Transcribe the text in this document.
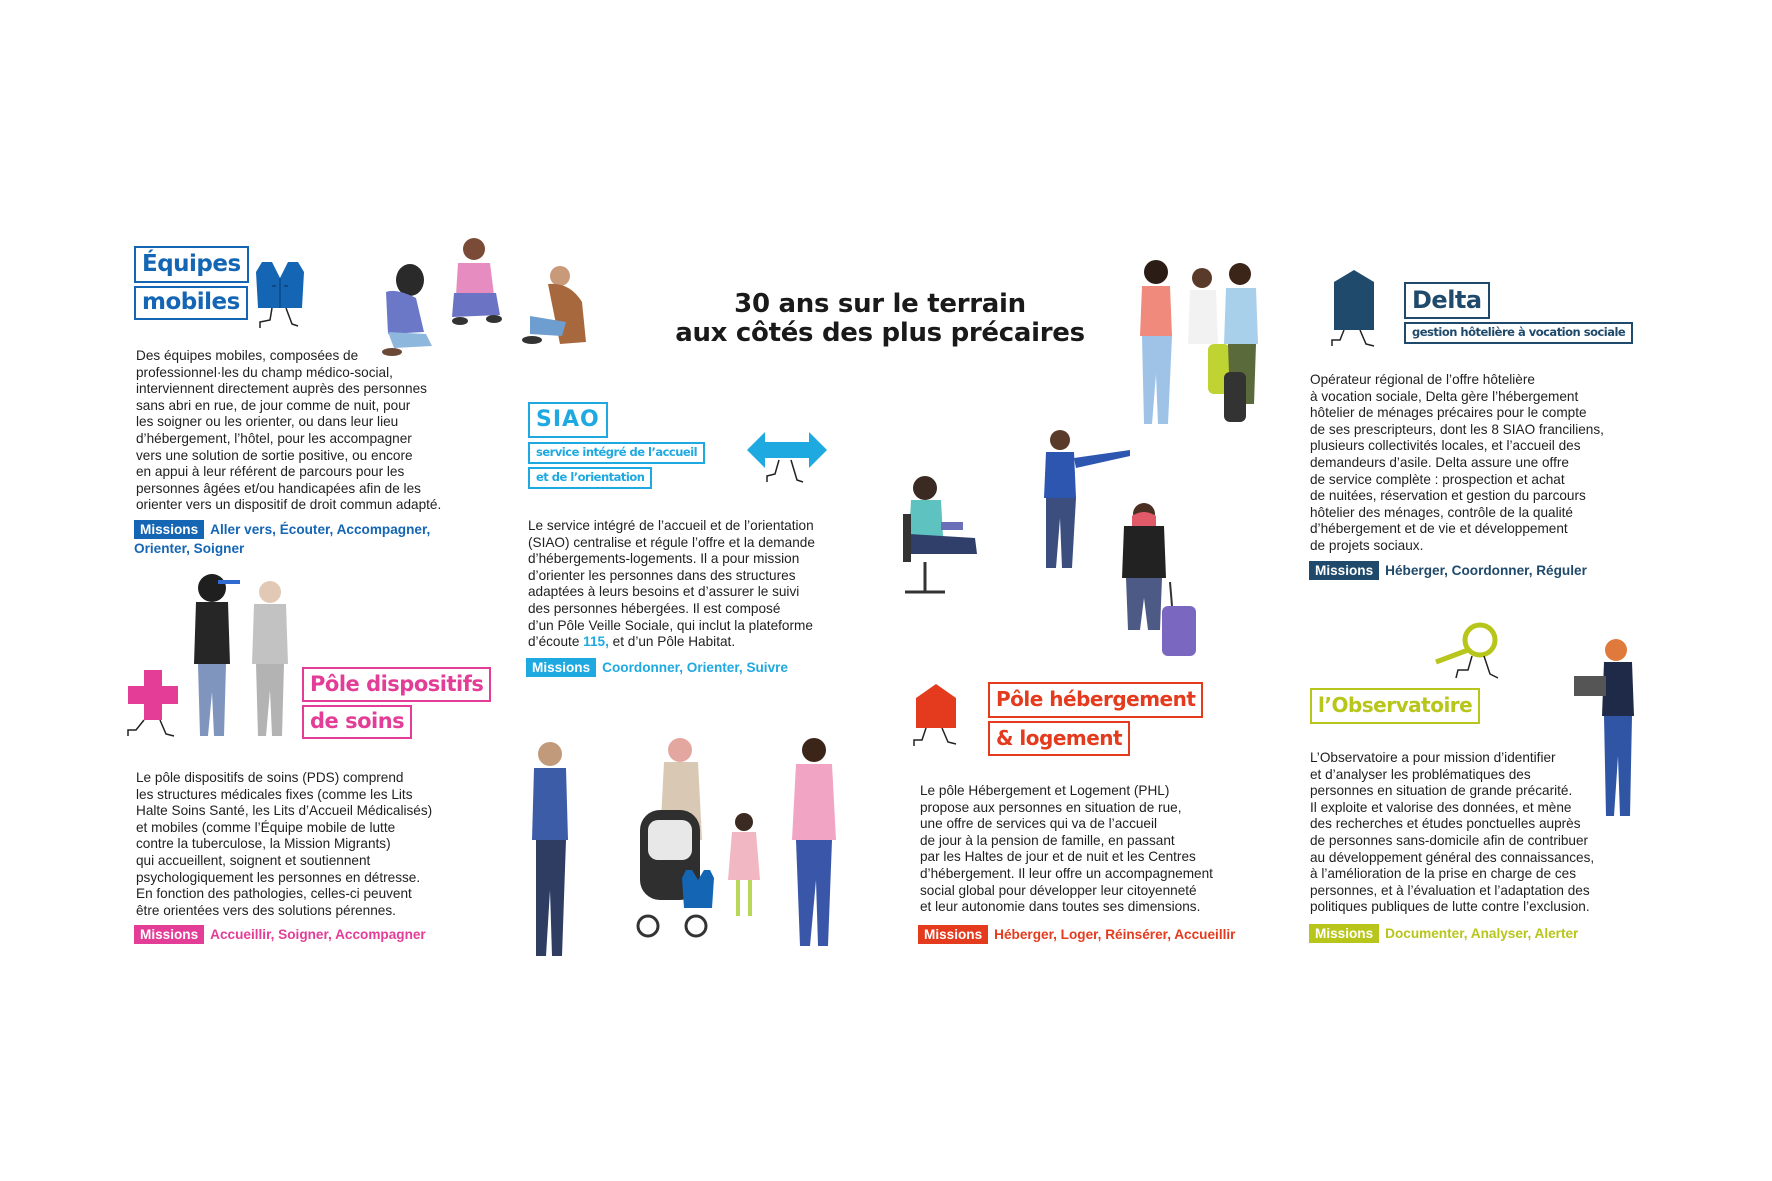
30 ans sur le terrain
aux côtés des plus précaires
Équipes
mobiles

Des équipes mobiles, composées de

professionnel·les du champ médico-social,

interviennent directement auprès des personnes

sans abri en rue, de jour comme de nuit, pour

les soigner ou les orienter, ou dans leur lieu

d’hébergement, l’hôtel, pour les accompagner

vers une solution de sortie positive, ou encore

en appui à leur référent de parcours pour les

personnes âgées et/ou handicapées afin de les

orienter vers un dispositif de droit commun adapté.

Missions Aller vers, Écouter, Accompagner,
Orienter, Soigner
SIAO
service intégré de l’accueil
et de l’orientation

Le service intégré de l’accueil et de l’orientation

(SIAO) centralise et régule l’offre et la demande

d’hébergements-logements. Il a pour mission

d’orienter les personnes dans des structures

adaptées à leurs besoins et d’assurer le suivi

des personnes hébergées. Il est composé

d’un Pôle Veille Sociale, qui inclut la plateforme

d’écoute 115, et d’un Pôle Habitat.

Missions Coordonner, Orienter, Suivre
Delta
gestion hôtelière à vocation sociale

Opérateur régional de l’offre hôtelière

à vocation sociale, Delta gère l’hébergement

hôtelier de ménages précaires pour le compte

de ses prescripteurs, dont les 8 SIAO franciliens,

plusieurs collectivités locales, et l’accueil des

demandeurs d’asile. Delta assure une offre

de service complète : prospection et achat

de nuitées, réservation et gestion du parcours

hôtelier des ménages, contrôle de la qualité

d’hébergement et de vie et développement

de projets sociaux.

Missions Héberger, Coordonner, Réguler
Pôle dispositifs
de soins

Le pôle dispositifs de soins (PDS) comprend

les structures médicales fixes (comme les Lits

Halte Soins Santé, les Lits d’Accueil Médicalisés)

et mobiles (comme l’Équipe mobile de lutte

contre la tuberculose, la Mission Migrants)

qui accueillent, soignent et soutiennent

psychologiquement les personnes en détresse.

En fonction des pathologies, celles-ci peuvent

être orientées vers des solutions pérennes.

Missions Accueillir, Soigner, Accompagner
Pôle hébergement
& logement

Le pôle Hébergement et Logement (PHL)

propose aux personnes en situation de rue,

une offre de services qui va de l’accueil

de jour à la pension de famille, en passant

par les Haltes de jour et de nuit et les Centres

d’hébergement. Il leur offre un accompagnement

social global pour développer leur citoyenneté

et leur autonomie dans toutes ses dimensions.

Missions Héberger, Loger, Réinsérer, Accueillir
l’Observatoire

L’Observatoire a pour mission d’identifier

et d’analyser les problématiques des

personnes en situation de grande précarité.

Il exploite et valorise des données, et mène

des recherches et études ponctuelles auprès

de personnes sans-domicile afin de contribuer

au développement général des connaissances,

à l’amélioration de la prise en charge de ces

personnes, et à l’évaluation et l’adaptation des

politiques publiques de lutte contre l’exclusion.

Missions Documenter, Analyser, Alerter
